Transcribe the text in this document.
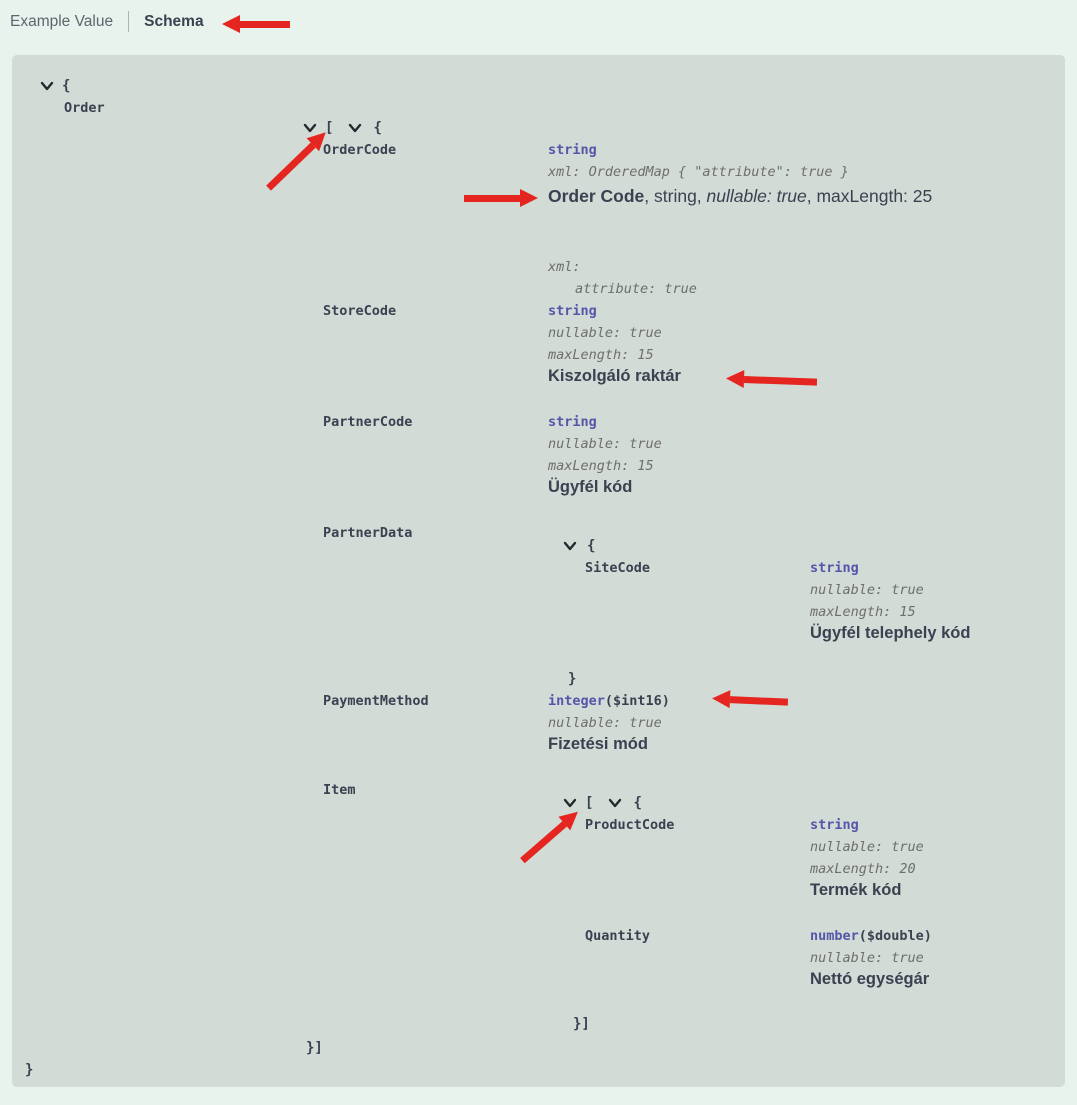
Example Value Schema
{
Order
[	{
OrderCode	string
xml: OrderedMap { "attribute": true }
Order Code , string, nullable: true , maxLength: 25
xml:
attribute: true
StoreCode	string
nullable: true
maxLength: 15
Kiszolgáló raktár
PartnerCode	string
nullable: true
maxLength: 15
Ügyfél kód
PartnerData
{
SiteCode	string
nullable: true
maxLength: 15
Ügyfél telephely kód
}
PaymentMethod	integer ($int16)
nullable: true
Fizetési mód
Item
[	{
ProductCode	string
nullable: true
maxLength: 20
Termék kód
Quantity	number ($double)
nullable: true
Nettó egységár
}]
}]
}
